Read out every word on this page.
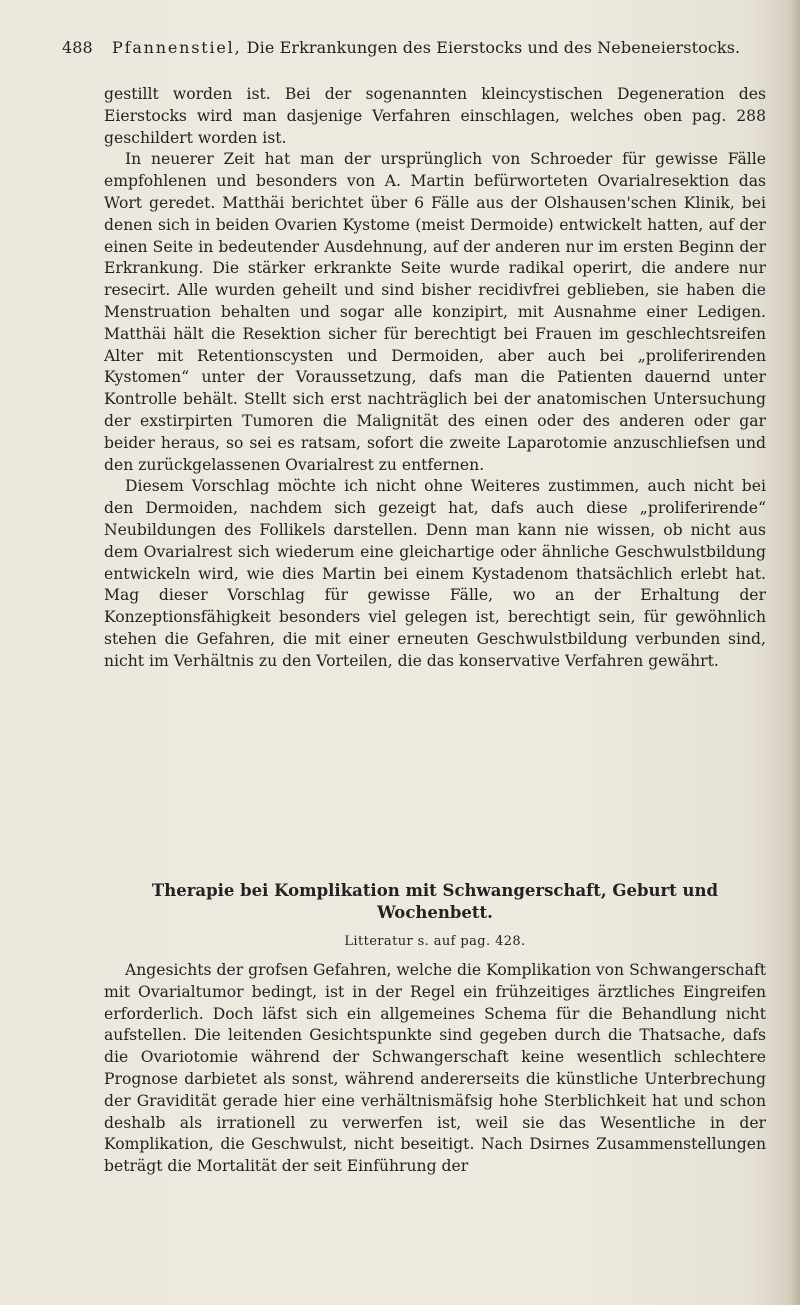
488 Pfannenstiel, Die Erkrankungen des Eierstocks und des Nebeneierstocks.

gestillt worden ist. Bei der sogenannten kleincystischen Degeneration des Eierstocks wird man dasjenige Verfahren einschlagen, welches oben pag. 288 geschildert worden ist.

In neuerer Zeit hat man der ursprünglich von Schroeder für gewisse Fälle empfohlenen und besonders von A. Martin befürworteten Ovarialresektion das Wort geredet. Matthäi berichtet über 6 Fälle aus der Olshausen'schen Klinik, bei denen sich in beiden Ovarien Kystome (meist Dermoide) entwickelt hatten, auf der einen Seite in bedeutender Ausdehnung, auf der anderen nur im ersten Beginn der Erkrankung. Die stärker erkrankte Seite wurde radikal operirt, die andere nur resecirt. Alle wurden geheilt und sind bisher recidivfrei geblieben, sie haben die Menstruation behalten und sogar alle konzipirt, mit Ausnahme einer Ledigen. Matthäi hält die Resektion sicher für berechtigt bei Frauen im geschlechtsreifen Alter mit Retentionscysten und Dermoiden, aber auch bei „proliferirenden Kystomen“ unter der Voraussetzung, dafs man die Patienten dauernd unter Kontrolle behält. Stellt sich erst nachträglich bei der anatomischen Untersuchung der exstirpirten Tumoren die Malignität des einen oder des anderen oder gar beider heraus, so sei es ratsam, sofort die zweite Laparotomie anzuschliefsen und den zurückgelassenen Ovarialrest zu entfernen.

Diesem Vorschlag möchte ich nicht ohne Weiteres zustimmen, auch nicht bei den Dermoiden, nachdem sich gezeigt hat, dafs auch diese „proliferirende“ Neubildungen des Follikels darstellen. Denn man kann nie wissen, ob nicht aus dem Ovarialrest sich wiederum eine gleichartige oder ähnliche Geschwulstbildung entwickeln wird, wie dies Martin bei einem Kystadenom thatsächlich erlebt hat. Mag dieser Vorschlag für gewisse Fälle, wo an der Erhaltung der Konzeptionsfähigkeit besonders viel gelegen ist, berechtigt sein, für gewöhnlich stehen die Gefahren, die mit einer erneuten Geschwulstbildung verbunden sind, nicht im Verhältnis zu den Vorteilen, die das konservative Verfahren gewährt.

Therapie bei Komplikation mit Schwangerschaft, Geburt und
Wochenbett.
Litteratur s. auf pag. 428.

Angesichts der grofsen Gefahren, welche die Komplikation von Schwangerschaft mit Ovarialtumor bedingt, ist in der Regel ein frühzeitiges ärztliches Eingreifen erforderlich. Doch läfst sich ein allgemeines Schema für die Behandlung nicht aufstellen. Die leitenden Gesichtspunkte sind gegeben durch die Thatsache, dafs die Ovariotomie während der Schwangerschaft keine wesentlich schlechtere Prognose darbietet als sonst, während andererseits die künstliche Unterbrechung der Gravidität gerade hier eine verhältnismäfsig hohe Sterblichkeit hat und schon deshalb als irrationell zu verwerfen ist, weil sie das Wesentliche in der Komplikation, die Geschwulst, nicht beseitigt. Nach Dsirnes Zusammenstellungen beträgt die Mortalität der seit Einführung der
